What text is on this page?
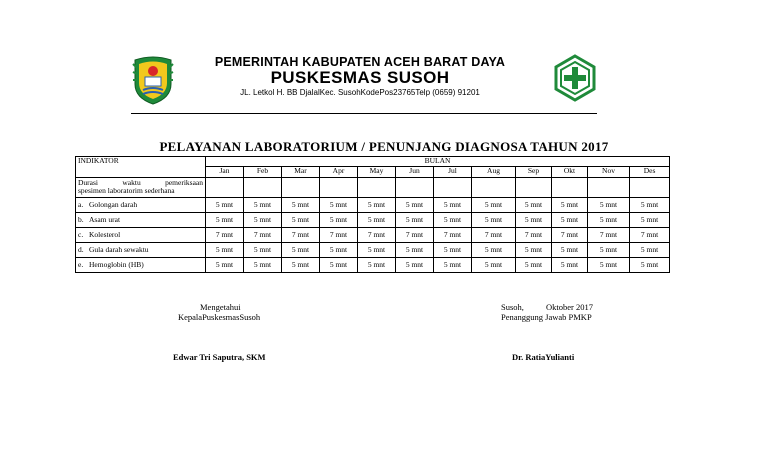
PEMERINTAH KABUPATEN ACEH BARAT DAYA
PUSKESMAS SUSOH
JL. Letkol H. BB DjalalKec. SusohKodePos23765Telp (0659) 91201
PELAYANAN LABORATORIUM / PENUNJANG DIAGNOSA TAHUN 2017
INDIKATOR	BULAN											
	Jan	Feb	Mar	Apr	May	Jun	Jul	Aug	Sep	Okt	Nov	Des

Durasi waktu pemeriksaan
spesimen laboratorim sederhana												
a. Golongan darah	5 mnt	5 mnt	5 mnt	5 mnt	5 mnt	5 mnt	5 mnt	5 mnt	5 mnt	5 mnt	5 mnt	5 mnt
b. Asam urat	5 mnt	5 mnt	5 mnt	5 mnt	5 mnt	5 mnt	5 mnt	5 mnt	5 mnt	5 mnt	5 mnt	5 mnt
c. Kolesterol	7 mnt	7 mnt	7 mnt	7 mnt	7 mnt	7 mnt	7 mnt	7 mnt	7 mnt	7 mnt	7 mnt	7 mnt
d. Gula darah sewaktu	5 mnt	5 mnt	5 mnt	5 mnt	5 mnt	5 mnt	5 mnt	5 mnt	5 mnt	5 mnt	5 mnt	5 mnt
e. Hemoglobin (HB)	5 mnt	5 mnt	5 mnt	5 mnt	5 mnt	5 mnt	5 mnt	5 mnt	5 mnt	5 mnt	5 mnt	5 mnt
Mengetahui
KepalaPuskesmasSusoh
Edwar Tri Saputra, SKM
Susoh,	Oktober 2017
Penanggung Jawab PMKP
Dr. RatiaYulianti
